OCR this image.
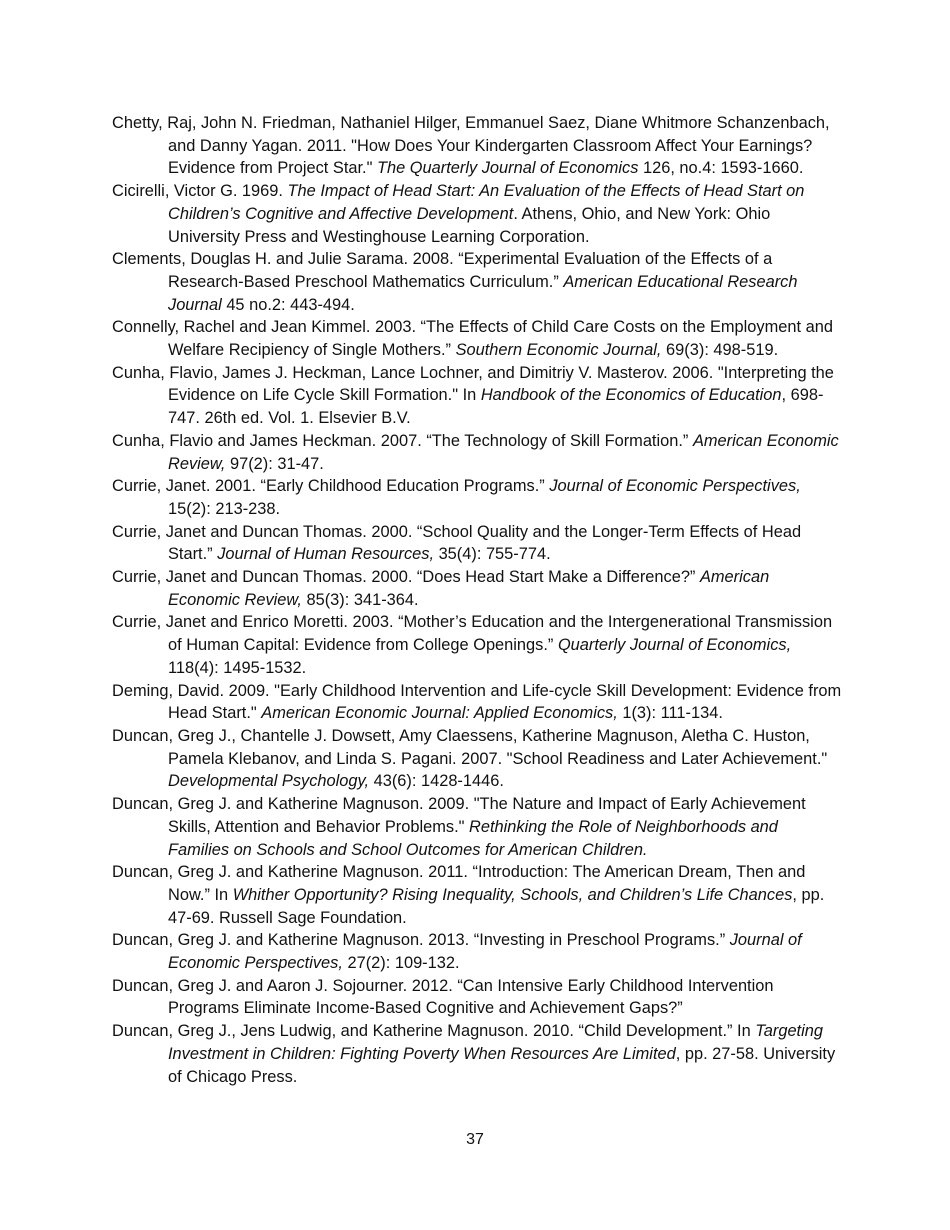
Chetty, Raj, John N. Friedman, Nathaniel Hilger, Emmanuel Saez, Diane Whitmore Schanzenbach, and Danny Yagan. 2011. "How Does Your Kindergarten Classroom Affect Your Earnings? Evidence from Project Star." The Quarterly Journal of Economics 126, no.4: 1593-1660.

Cicirelli, Victor G. 1969. The Impact of Head Start: An Evaluation of the Effects of Head Start on Children’s Cognitive and Affective Development. Athens, Ohio, and New York: Ohio University Press and Westinghouse Learning Corporation.

Clements, Douglas H. and Julie Sarama. 2008. “Experimental Evaluation of the Effects of a Research-Based Preschool Mathematics Curriculum.” American Educational Research Journal 45 no.2: 443-494.

Connelly, Rachel and Jean Kimmel. 2003. “The Effects of Child Care Costs on the Employment and Welfare Recipiency of Single Mothers.” Southern Economic Journal, 69(3): 498-519.

Cunha, Flavio, James J. Heckman, Lance Lochner, and Dimitriy V. Masterov. 2006. "Interpreting the Evidence on Life Cycle Skill Formation." In Handbook of the Economics of Education, 698-747. 26th ed. Vol. 1. Elsevier B.V.

Cunha, Flavio and James Heckman. 2007. “The Technology of Skill Formation.” American Economic Review, 97(2): 31-47.

Currie, Janet. 2001. “Early Childhood Education Programs.” Journal of Economic Perspectives, 15(2): 213-238.

Currie, Janet and Duncan Thomas. 2000. “School Quality and the Longer-Term Effects of Head Start.” Journal of Human Resources, 35(4): 755-774.

Currie, Janet and Duncan Thomas. 2000. “Does Head Start Make a Difference?” American Economic Review, 85(3): 341-364.

Currie, Janet and Enrico Moretti. 2003. “Mother’s Education and the Intergenerational Transmission of Human Capital: Evidence from College Openings.” Quarterly Journal of Economics, 118(4): 1495-1532.

Deming, David. 2009. "Early Childhood Intervention and Life-cycle Skill Development: Evidence from Head Start." American Economic Journal: Applied Economics, 1(3): 111-134.

Duncan, Greg J., Chantelle J. Dowsett, Amy Claessens, Katherine Magnuson, Aletha C. Huston, Pamela Klebanov, and Linda S. Pagani. 2007. "School Readiness and Later Achievement." Developmental Psychology, 43(6): 1428-1446.

Duncan, Greg J. and Katherine Magnuson. 2009. "The Nature and Impact of Early Achievement Skills, Attention and Behavior Problems." Rethinking the Role of Neighborhoods and Families on Schools and School Outcomes for American Children.

Duncan, Greg J. and Katherine Magnuson. 2011. “Introduction: The American Dream, Then and Now.” In Whither Opportunity? Rising Inequality, Schools, and Children’s Life Chances, pp. 47-69. Russell Sage Foundation.

Duncan, Greg J. and Katherine Magnuson. 2013. “Investing in Preschool Programs.” Journal of Economic Perspectives, 27(2): 109-132.

Duncan, Greg J. and Aaron J. Sojourner. 2012. “Can Intensive Early Childhood Intervention Programs Eliminate Income-Based Cognitive and Achievement Gaps?”

Duncan, Greg J., Jens Ludwig, and Katherine Magnuson. 2010. “Child Development.” In Targeting Investment in Children: Fighting Poverty When Resources Are Limited, pp. 27-58. University of Chicago Press.

37
